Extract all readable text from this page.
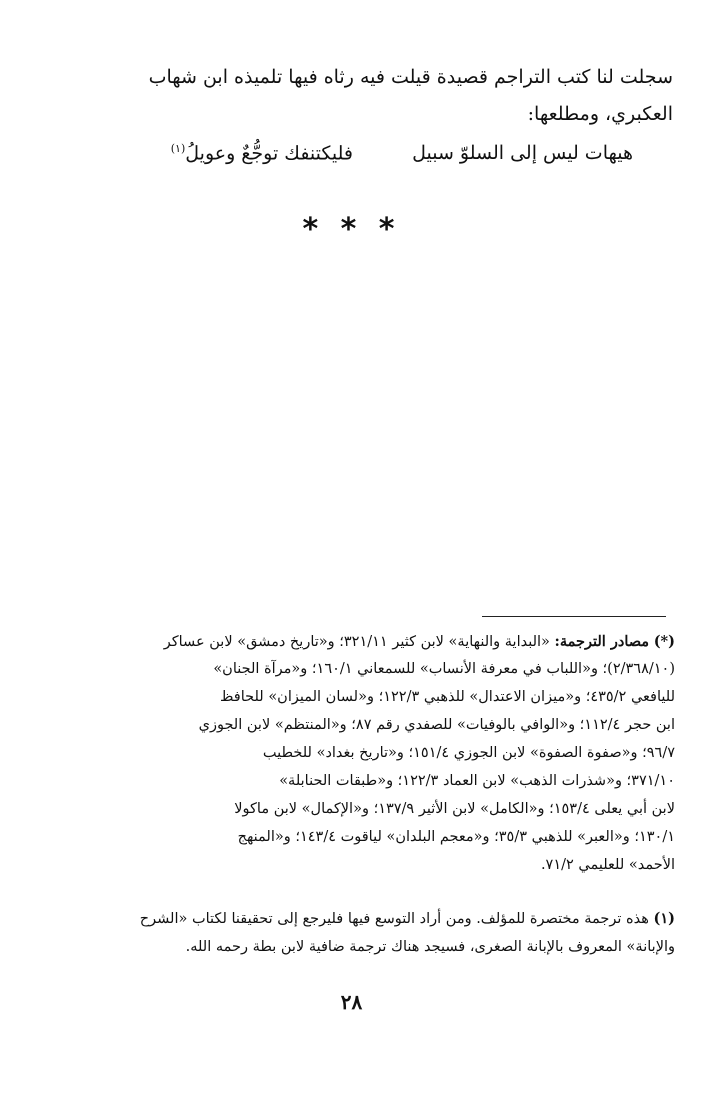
سجلت لنا كتب التراجم قصيدة قيلت فيه رثاه فيها تلميذه ابن شهاب
العكبري، ومطلعها:
هيهات ليس إلى السلوّ سبيل
فليكتنفك توجُّعٌ وعويلُ$^{(١)}$
* * *
(*) مصادر الترجمة: «البداية والنهاية» لابن كثير ٣٢١/١١؛ و«تاريخ دمشق» لابن عساكر
(٢/٣٦٨/١٠)؛ و«اللباب في معرفة الأنساب» للسمعاني ١٦٠/١؛ و«مرآة الجنان»
لليافعي ٤٣٥/٢؛ و«ميزان الاعتدال» للذهبي ١٢٢/٣؛ و«لسان الميزان» للحافظ
ابن حجر ١١٢/٤؛ و«الوافي بالوفيات» للصفدي رقم ٨٧؛ و«المنتظم» لابن الجوزي
٩٦/٧؛ و«صفوة الصفوة» لابن الجوزي ١٥١/٤؛ و«تاريخ بغداد» للخطيب
٣٧١/١٠؛ و«شذرات الذهب» لابن العماد ١٢٢/٣؛ و«طبقات الحنابلة»
لابن أبي يعلى ١٥٣/٤؛ و«الكامل» لابن الأثير ١٣٧/٩؛ و«الإكمال» لابن ماكولا
١٣٠/١؛ و«العبر» للذهبي ٣٥/٣؛ و«معجم البلدان» لياقوت ١٤٣/٤؛ و«المنهج
الأحمد» للعليمي ٧١/٢.
(١) هذه ترجمة مختصرة للمؤلف. ومن أراد التوسع فيها فليرجع إلى تحقيقنا لكتاب «الشرح
والإبانة» المعروف بالإبانة الصغرى، فسيجد هناك ترجمة ضافية لابن بطة رحمه الله.
٢٨
